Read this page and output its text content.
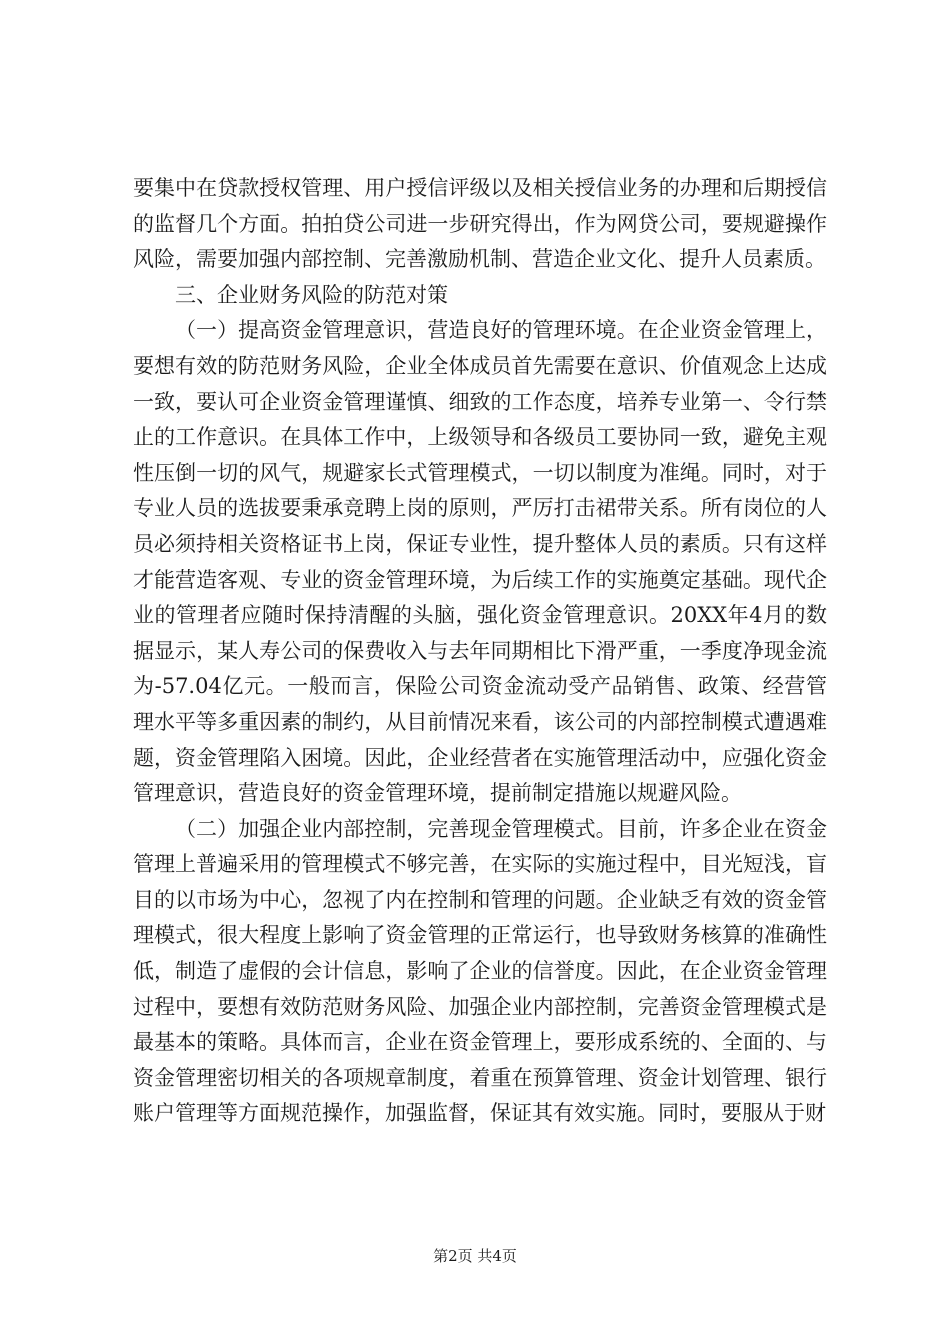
要集中在贷款授权管理、用户授信评级以及相关授信业务的办理和后期授信的监督几个方面。拍拍贷公司进一步研究得出，作为网贷公司，要规避操作风险，需要加强内部控制、完善激励机制、营造企业文化、提升人员素质。

三、企业财务风险的防范对策

（一）提高资金管理意识，营造良好的管理环境。在企业资金管理上，要想有效的防范财务风险，企业全体成员首先需要在意识、价值观念上达成一致，要认可企业资金管理谨慎、细致的工作态度，培养专业第一、令行禁止的工作意识。在具体工作中，上级领导和各级员工要协同一致，避免主观性压倒一切的风气，规避家长式管理模式，一切以制度为准绳。同时，对于专业人员的选拔要秉承竞聘上岗的原则，严厉打击裙带关系。所有岗位的人员必须持相关资格证书上岗，保证专业性，提升整体人员的素质。只有这样才能营造客观、专业的资金管理环境，为后续工作的实施奠定基础。现代企业的管理者应随时保持清醒的头脑，强化资金管理意识。20XX年4月的数据显示，某人寿公司的保费收入与去年同期相比下滑严重，一季度净现金流为-57.04亿元。一般而言，保险公司资金流动受产品销售、政策、经营管理水平等多重因素的制约，从目前情况来看，该公司的内部控制模式遭遇难题，资金管理陷入困境。因此，企业经营者在实施管理活动中，应强化资金管理意识，营造良好的资金管理环境，提前制定措施以规避风险。

（二）加强企业内部控制，完善现金管理模式。目前，许多企业在资金管理上普遍采用的管理模式不够完善，在实际的实施过程中，目光短浅，盲目的以市场为中心，忽视了内在控制和管理的问题。企业缺乏有效的资金管理模式，很大程度上影响了资金管理的正常运行，也导致财务核算的准确性低，制造了虚假的会计信息，影响了企业的信誉度。因此，在企业资金管理过程中，要想有效防范财务风险、加强企业内部控制，完善资金管理模式是最基本的策略。具体而言，企业在资金管理上，要形成系统的、全面的、与资金管理密切相关的各项规章制度，着重在预算管理、资金计划管理、银行账户管理等方面规范操作，加强监督，保证其有效实施。同时，要服从于财

第2页 共4页
